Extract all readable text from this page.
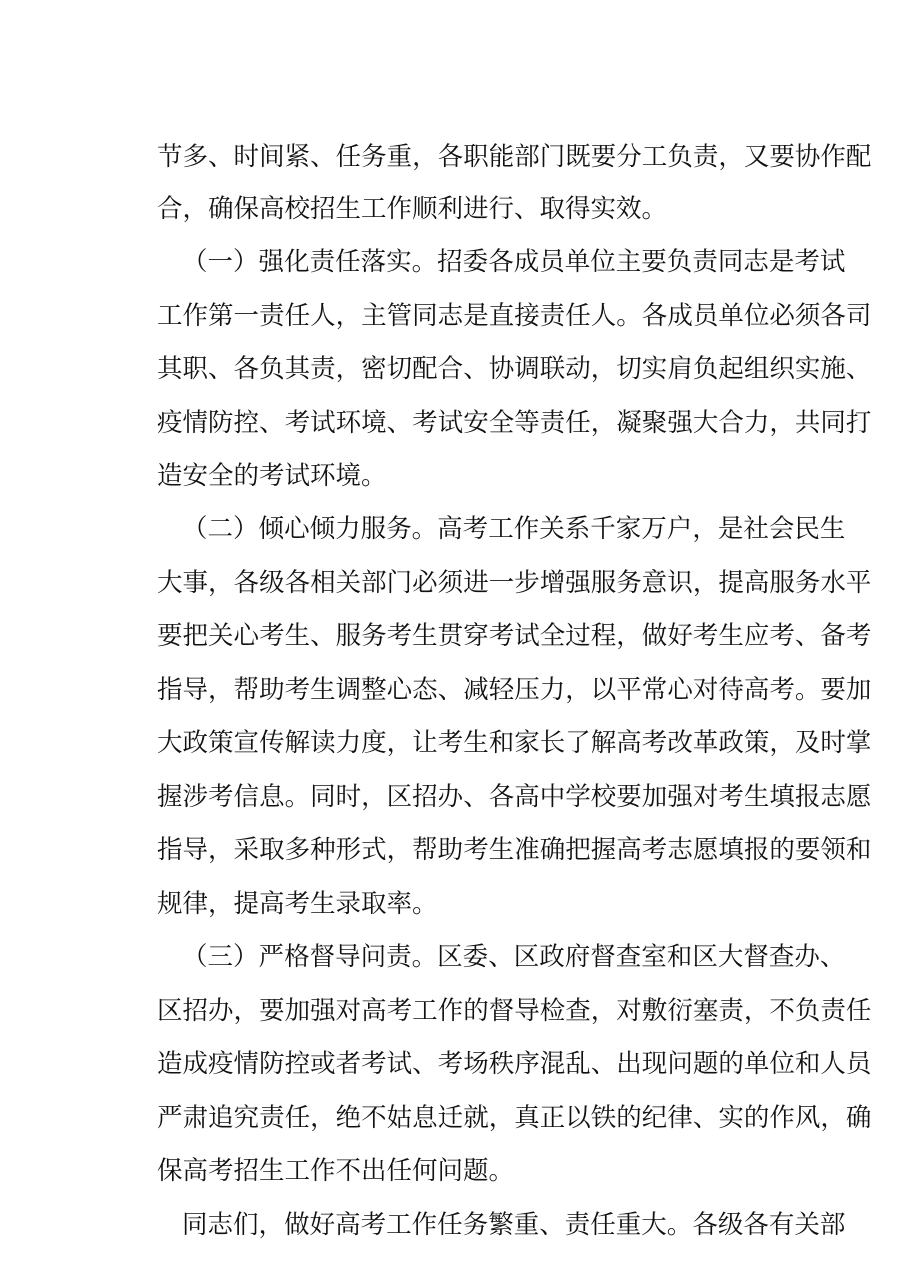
节 多 、 时 间 紧 、 任 务 重 ， 各 职 能 部 门 既 要 分 工 负 责 ， 又 要 协 作 配
合，确保高校招生工作顺利进行、取得实效。
（ 一 ） 强 化 责 任 落 实 。 招 委 各 成 员 单 位 主 要 负 责 同 志 是 考 试
工 作 第 一 责 任 人 ， 主 管 同 志 是 直 接 责 任 人 。 各 成 员 单 位 必 须 各 司
其 职 、 各 负 其 责 ， 密 切 配 合 、 协 调 联 动 ， 切 实 肩 负 起 组 织 实 施 、
疫 情 防 控 、 考 试 环 境 、 考 试 安 全 等 责 任 ， 凝 聚 强 大 合 力 ， 共 同 打
造安全的考试环境。
（ 二 ） 倾 心 倾 力 服 务 。 高 考 工 作 关 系 千 家 万 户 ， 是 社 会 民 生
大 事 ， 各 级 各 相 关 部 门 必 须 进 一 步 增 强 服 务 意 识 ， 提 高 服 务 水 平
要 把 关 心 考 生 、 服 务 考 生 贯 穿 考 试 全 过 程 ， 做 好 考 生 应 考 、 备 考
指 导 ， 帮 助 考 生 调 整 心 态 、 减 轻 压 力 ， 以 平 常 心 对 待 高 考 。 要 加
大 政 策 宣 传 解 读 力 度 ， 让 考 生 和 家 长 了 解 高 考 改 革 政 策 ， 及 时 掌
握 涉 考 信 息 。 同 时 ， 区 招 办 、 各 高 中 学 校 要 加 强 对 考 生 填 报 志 愿
指 导 ， 采 取 多 种 形 式 ， 帮 助 考 生 准 确 把 握 高 考 志 愿 填 报 的 要 领 和
规律，提高考生录取率。
（ 三 ） 严 格 督 导 问 责 。 区 委 、 区 政 府 督 查 室 和 区 大 督 查 办 、
区 招 办 ， 要 加 强 对 高 考 工 作 的 督 导 检 查 ， 对 敷 衍 塞 责 ， 不 负 责 任
造 成 疫 情 防 控 或 者 考 试 、 考 场 秩 序 混 乱 、 出 现 问 题 的 单 位 和 人 员
严 肃 追 究 责 任 ， 绝 不 姑 息 迁 就 ， 真 正 以 铁 的 纪 律 、 实 的 作 风 ， 确
保高考招生工作不出任何问题。
同 志 们 ， 做 好 高 考 工 作 任 务 繁 重 、 责 任 重 大 。 各 级 各 有 关 部
